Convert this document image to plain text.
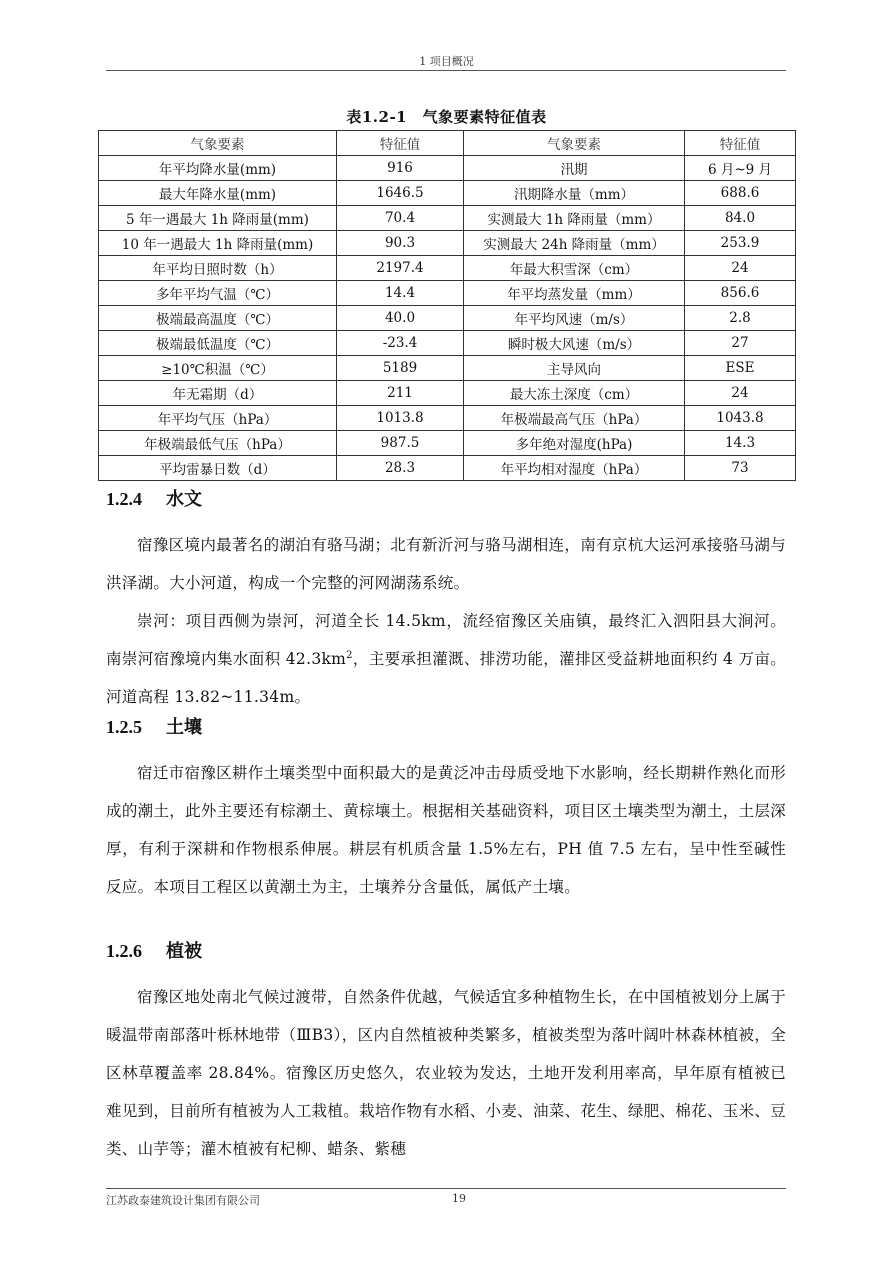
1 项目概况
表1.2-1　气象要素特征值表
气象要素	特征值	气象要素	特征值
年平均降水量(mm)	916	汛期	6 月~9 月
最大年降水量(mm)	1646.5	汛期降水量（mm）	688.6
5 年一遇最大 1h 降雨量(mm)	70.4	实测最大 1h 降雨量（mm）	84.0
10 年一遇最大 1h 降雨量(mm)	90.3	实测最大 24h 降雨量（mm）	253.9
年平均日照时数（h）	2197.4	年最大积雪深（cm）	24
多年平均气温（℃）	14.4	年平均蒸发量（mm）	856.6
极端最高温度（℃）	40.0	年平均风速（m/s）	2.8
极端最低温度（℃）	-23.4	瞬时极大风速（m/s）	27
≥10℃积温（℃）	5189	主导风向	ESE
年无霜期（d）	211	最大冻土深度（cm）	24
年平均气压（hPa）	1013.8	年极端最高气压（hPa）	1043.8
年极端最低气压（hPa）	987.5	多年绝对湿度(hPa)	14.3
平均雷暴日数（d）	28.3	年平均相对湿度（hPa）	73
1.2.4 水文

宿豫区境内最著名的湖泊有骆马湖；北有新沂河与骆马湖相连，南有京杭大运河承接骆马湖与洪泽湖。大小河道，构成一个完整的河网湖荡系统。

崇河：项目西侧为崇河，河道全长 14.5km，流经宿豫区关庙镇，最终汇入泗阳县大涧河。南崇河宿豫境内集水面积 $42.3km^2$，主要承担灌溉、排涝功能，灌排区受益耕地面积约 4 万亩。河道高程 13.82~11.34m。

1.2.5 土壤

宿迁市宿豫区耕作土壤类型中面积最大的是黄泛冲击母质受地下水影响，经长期耕作熟化而形成的潮土，此外主要还有棕潮土、黄棕壤土。根据相关基础资料，项目区土壤类型为潮土，土层深厚，有利于深耕和作物根系伸展。耕层有机质含量 1.5%左右，PH 值 7.5 左右，呈中性至碱性反应。本项目工程区以黄潮土为主，土壤养分含量低，属低产土壤。

1.2.6 植被

宿豫区地处南北气候过渡带，自然条件优越，气候适宜多种植物生长，在中国植被划分上属于暖温带南部落叶栎林地带（ⅢB3），区内自然植被种类繁多，植被类型为落叶阔叶林森林植被，全区林草覆盖率 28.84%。宿豫区历史悠久，农业较为发达，土地开发利用率高，早年原有植被已难见到，目前所有植被为人工栽植。栽培作物有水稻、小麦、油菜、花生、绿肥、棉花、玉米、豆类、山芋等；灌木植被有杞柳、蜡条、紫穗

江苏政泰建筑设计集团有限公司	19
